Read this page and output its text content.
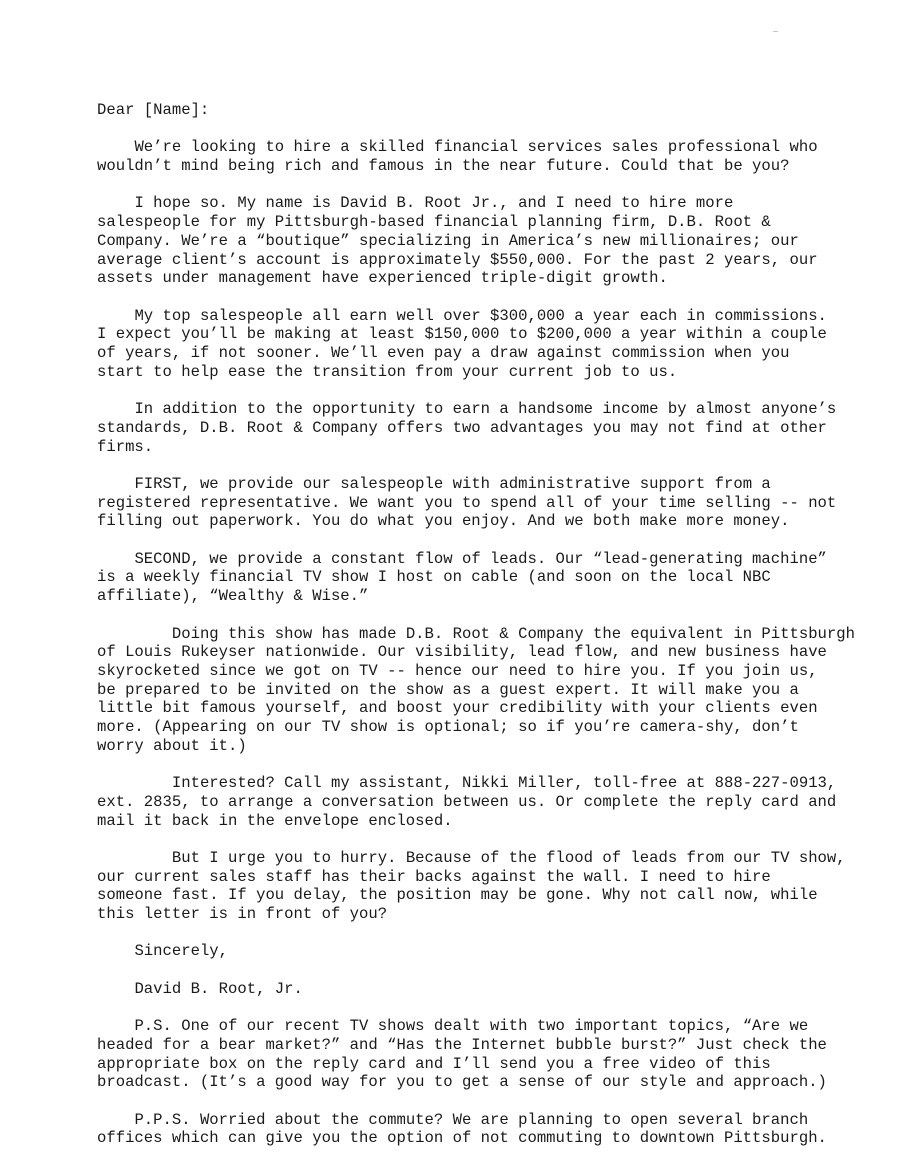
Dear [Name]:
We’re looking to hire a skilled financial services sales professional who
wouldn’t mind being rich and famous in the near future. Could that be you?
I hope so. My name is David B. Root Jr., and I need to hire more
salespeople for my Pittsburgh-based financial planning firm, D.B. Root &
Company. We’re a “boutique” specializing in America’s new millionaires; our
average client’s account is approximately $550,000. For the past 2 years, our
assets under management have experienced triple-digit growth.
My top salespeople all earn well over $300,000 a year each in commissions.
I expect you’ll be making at least $150,000 to $200,000 a year within a couple
of years, if not sooner. We’ll even pay a draw against commission when you
start to help ease the transition from your current job to us.
In addition to the opportunity to earn a handsome income by almost anyone’s
standards, D.B. Root & Company offers two advantages you may not find at other
firms.
FIRST, we provide our salespeople with administrative support from a
registered representative. We want you to spend all of your time selling -- not
filling out paperwork. You do what you enjoy. And we both make more money.
SECOND, we provide a constant flow of leads. Our “lead-generating machine”
is a weekly financial TV show I host on cable (and soon on the local NBC
affiliate), “Wealthy & Wise.”
Doing this show has made D.B. Root & Company the equivalent in Pittsburgh
of Louis Rukeyser nationwide. Our visibility, lead flow, and new business have
skyrocketed since we got on TV -- hence our need to hire you. If you join us,
be prepared to be invited on the show as a guest expert. It will make you a
little bit famous yourself, and boost your credibility with your clients even
more. (Appearing on our TV show is optional; so if you’re camera-shy, don’t
worry about it.)
Interested? Call my assistant, Nikki Miller, toll-free at 888-227-0913,
ext. 2835, to arrange a conversation between us. Or complete the reply card and
mail it back in the envelope enclosed.
But I urge you to hurry. Because of the flood of leads from our TV show,
our current sales staff has their backs against the wall. I need to hire
someone fast. If you delay, the position may be gone. Why not call now, while
this letter is in front of you?
Sincerely,
David B. Root, Jr.
P.S. One of our recent TV shows dealt with two important topics, “Are we
headed for a bear market?” and “Has the Internet bubble burst?” Just check the
appropriate box on the reply card and I’ll send you a free video of this
broadcast. (It’s a good way for you to get a sense of our style and approach.)
P.P.S. Worried about the commute? We are planning to open several branch
offices which can give you the option of not commuting to downtown Pittsburgh.
